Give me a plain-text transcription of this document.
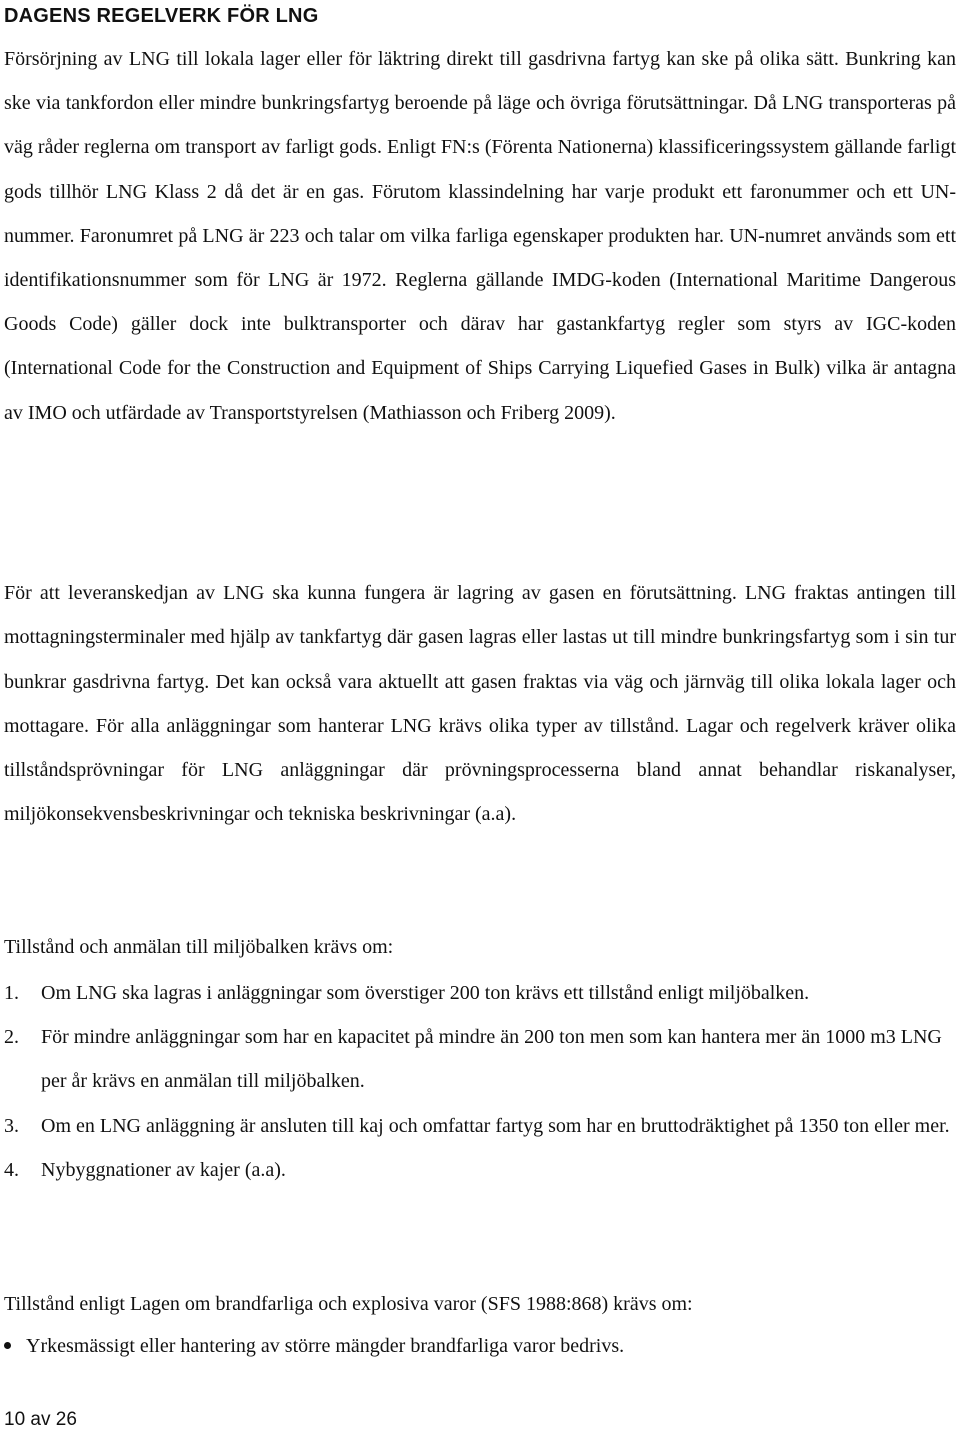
DAGENS REGELVERK FÖR LNG

Försörjning av LNG till lokala lager eller för läktring direkt till gasdrivna fartyg kan ske på olika sätt. Bunkring kan ske via tankfordon eller mindre bunkringsfartyg beroende på läge och övriga förutsättningar. Då LNG transporteras på väg råder reglerna om transport av farligt gods. Enligt FN:s (Förenta Nationerna) klassificeringssystem gällande farligt gods tillhör LNG Klass 2 då det är en gas. Förutom klassindelning har varje produkt ett faronummer och ett UN-nummer. Faronumret på LNG är 223 och talar om vilka farliga egenskaper produkten har. UN-numret används som ett identifikationsnummer som för LNG är 1972. Reglerna gällande IMDG-koden (International Maritime Dangerous Goods Code) gäller dock inte bulktransporter och därav har gastankfartyg regler som styrs av IGC-koden (International Code for the Construction and Equipment of Ships Carrying Liquefied Gases in Bulk) vilka är antagna av IMO och utfärdade av Transportstyrelsen (Mathiasson och Friberg 2009).

För att leveranskedjan av LNG ska kunna fungera är lagring av gasen en förutsättning. LNG fraktas antingen till mottagningsterminaler med hjälp av tankfartyg där gasen lagras eller lastas ut till mindre bunkringsfartyg som i sin tur bunkrar gasdrivna fartyg. Det kan också vara aktuellt att gasen fraktas via väg och järnväg till olika lokala lager och mottagare. För alla anläggningar som hanterar LNG krävs olika typer av tillstånd. Lagar och regelverk kräver olika tillståndsprövningar för LNG anläggningar där prövningsprocesserna bland annat behandlar riskanalyser, miljökonsekvensbeskrivningar och tekniska beskrivningar (a.a).

Tillstånd och anmälan till miljöbalken krävs om:

1. Om LNG ska lagras i anläggningar som överstiger 200 ton krävs ett tillstånd enligt miljöbalken.
2. För mindre anläggningar som har en kapacitet på mindre än 200 ton men som kan hantera mer än 1000 m3 LNG per år krävs en anmälan till miljöbalken.
3. Om en LNG anläggning är ansluten till kaj och omfattar fartyg som har en bruttodräktighet på 1350 ton eller mer.
4. Nybyggnationer av kajer (a.a).

Tillstånd enligt Lagen om brandfarliga och explosiva varor (SFS 1988:868) krävs om:

Yrkesmässigt eller hantering av större mängder brandfarliga varor bedrivs.
10 av 26
